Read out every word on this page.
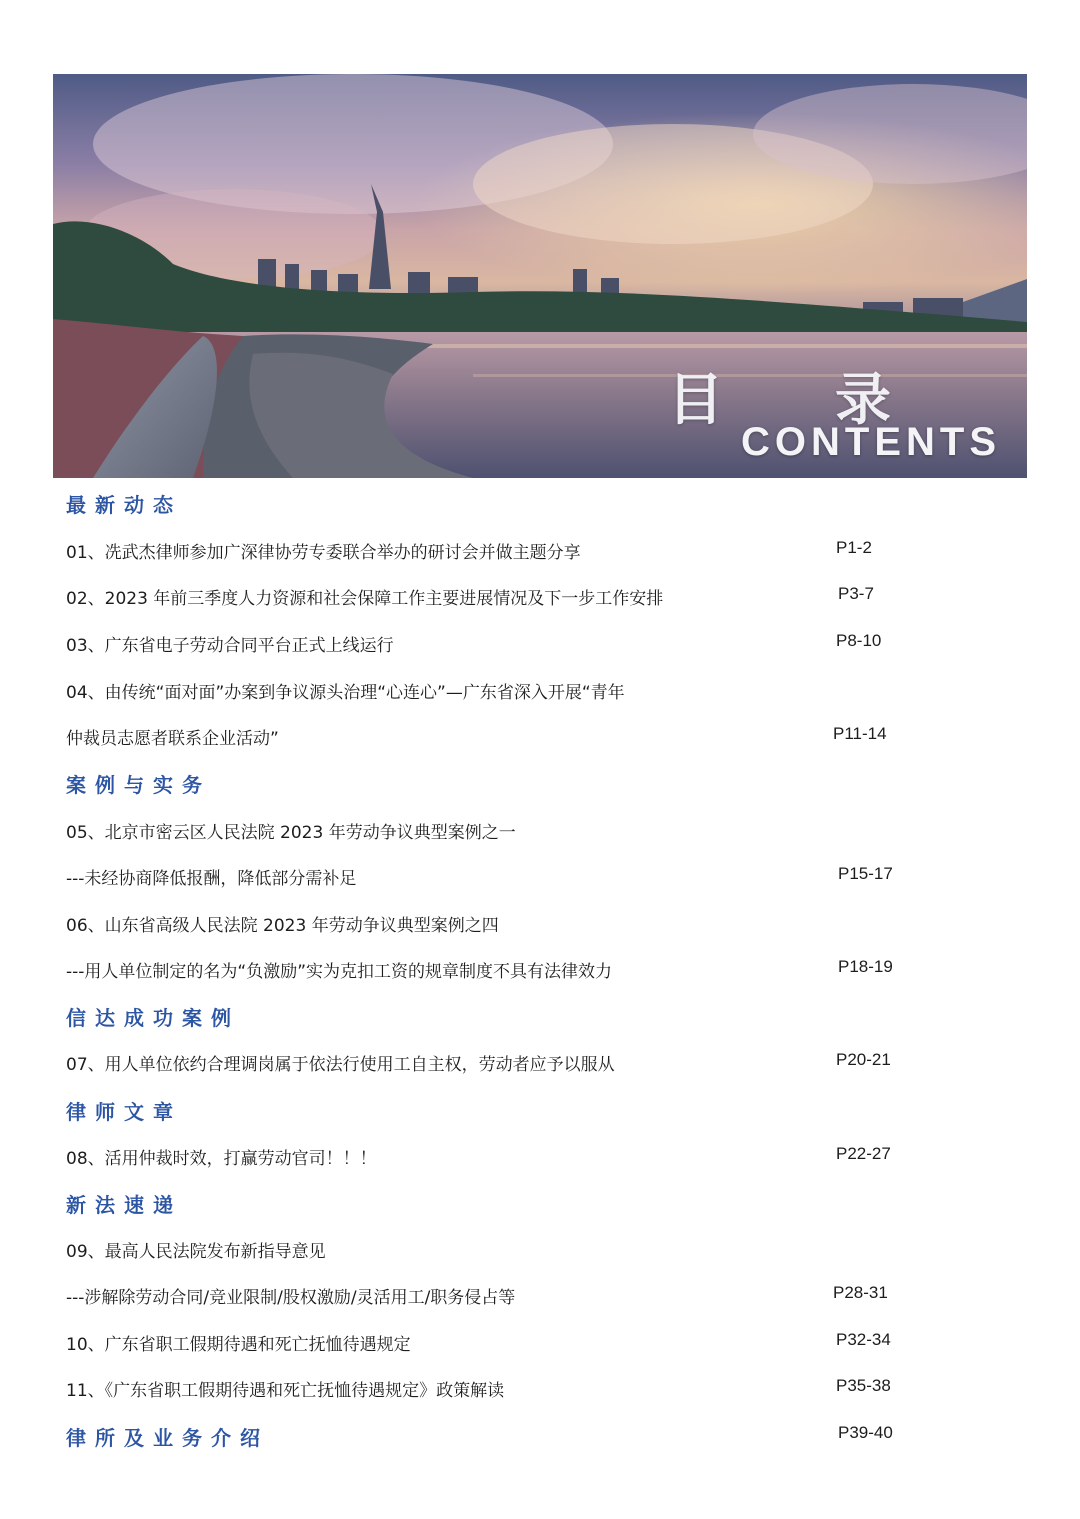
目 录
CONTENTS
最新动态
01、冼武杰律师参加广深律协劳专委联合举办的研讨会并做主题分享	P1-2
02、2023 年前三季度人力资源和社会保障工作主要进展情况及下一步工作安排	P3-7
03、广东省电子劳动合同平台正式上线运行	P8-10
04、由传统“面对面”办案到争议源头治理“心连心”—广东省深入开展“青年
仲裁员志愿者联系企业活动”	P11-14
案例与实务
05、北京市密云区人民法院 2023 年劳动争议典型案例之一
---未经协商降低报酬，降低部分需补足	P15-17
06、山东省高级人民法院 2023 年劳动争议典型案例之四
---用人单位制定的名为“负激励”实为克扣工资的规章制度不具有法律效力	P18-19
信达成功案例
07、用人单位依约合理调岗属于依法行使用工自主权，劳动者应予以服从	P20-21
律师文章
08、活用仲裁时效，打赢劳动官司！！！	P22-27
新法速递
09、最高人民法院发布新指导意见
---涉解除劳动合同/竞业限制/股权激励/灵活用工/职务侵占等	P28-31
10、广东省职工假期待遇和死亡抚恤待遇规定	P32-34
11、《广东省职工假期待遇和死亡抚恤待遇规定》政策解读	P35-38
律所及业务介绍	P39-40
